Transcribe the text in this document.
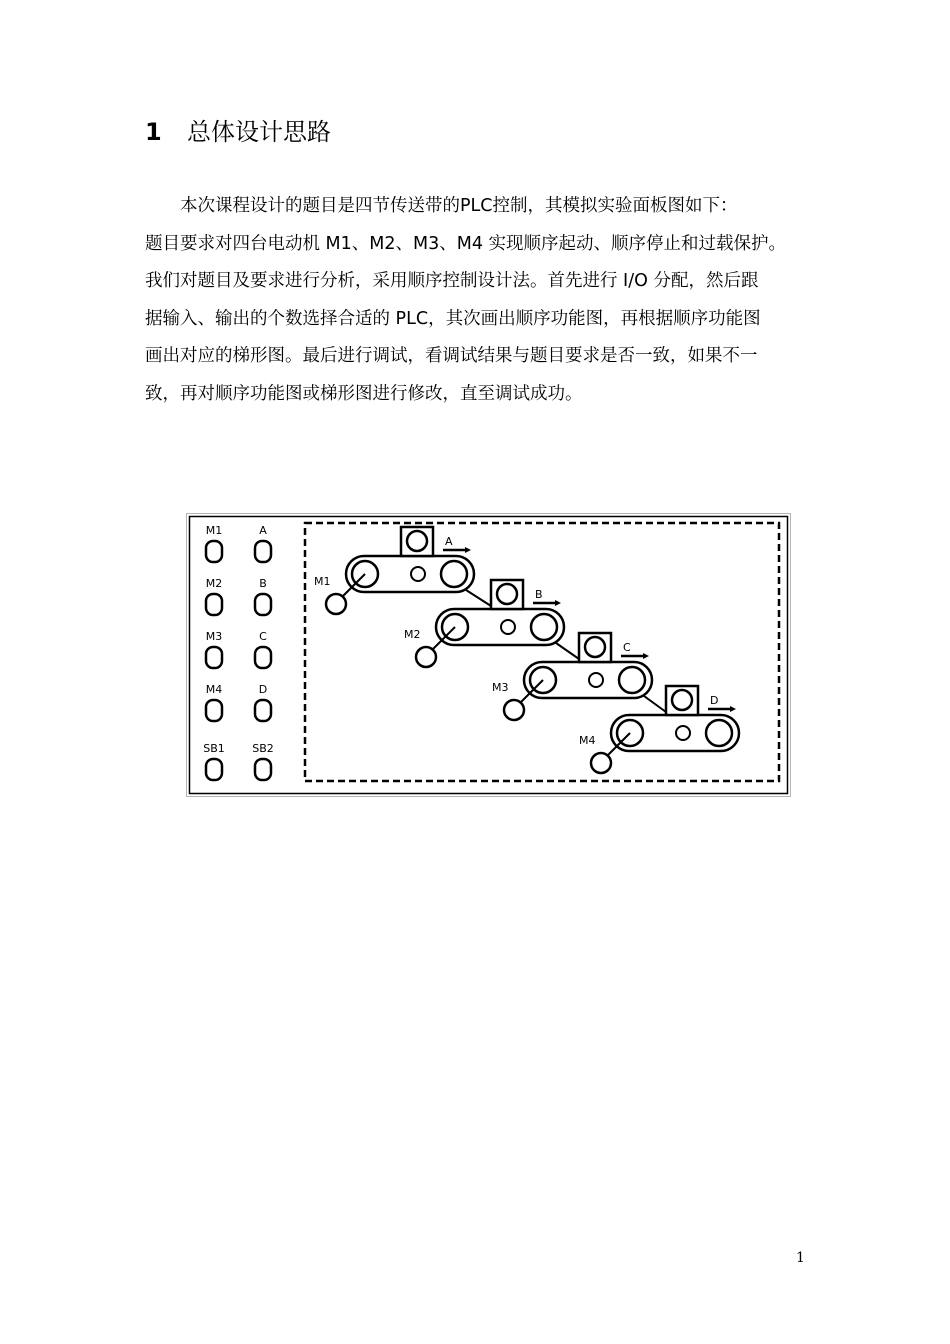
1	总体设计思路
本次课程设计的题目是四节传送带的PLC控制，其模拟实验面板图如下：
题目要求对四台电动机 M1、M2、M3、M4 实现顺序起动、顺序停止和过载保护。
我们对题目及要求进行分析，采用顺序控制设计法。首先进行 I/O 分配，然后跟
据输入、输出的个数选择合适的 PLC，其次画出顺序功能图，再根据顺序功能图
画出对应的梯形图。最后进行调试，看调试结果与题目要求是否一致，如果不一
致，再对顺序功能图或梯形图进行修改，直至调试成功。
M1	A
M2	B
M3	C
M4	D
SB1 SB2
A
M1
B
M2
C
M3
D
M4
1
